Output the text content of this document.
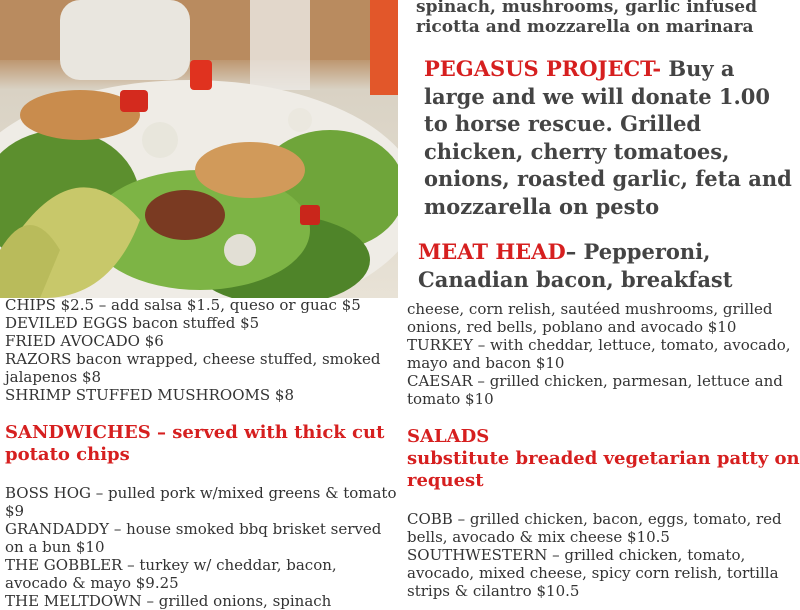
spinach, mushrooms, garlic infused

ricotta and mozzarella on marinara

PEGASUS PROJECT- Buy a large and we will donate 1.00 to horse rescue. Grilled chicken, cherry tomatoes, onions, roasted garlic, feta and mozzarella on pesto

MEAT HEAD– Pepperoni, Canadian bacon, breakfast

CHIPS $2.5 – add salsa $1.5, queso or guac $5

DEVILED EGGS bacon stuffed $5

FRIED AVOCADO $6

RAZORS bacon wrapped, cheese stuffed, smoked jalapenos $8

SHRIMP STUFFED MUSHROOMS $8

SANDWICHES – served with thick cut potato chips

BOSS HOG – pulled pork w/mixed greens & tomato $9

GRANDADDY – house smoked bbq brisket served on a bun $10

THE GOBBLER – turkey w/ cheddar, bacon, avocado & mayo $9.25

THE MELTDOWN – grilled onions, spinach

cheese, corn relish, sautéed mushrooms, grilled onions, red bells, poblano and avocado $10

TURKEY – with cheddar, lettuce, tomato, avocado, mayo and bacon $10

CAESAR – grilled chicken, parmesan, lettuce and tomato $10

SALADS

substitute breaded vegetarian patty on request

COBB – grilled chicken, bacon, eggs, tomato, red bells, avocado & mix cheese $10.5

SOUTHWESTERN – grilled chicken, tomato, avocado, mixed cheese, spicy corn relish, tortilla strips & cilantro $10.5
